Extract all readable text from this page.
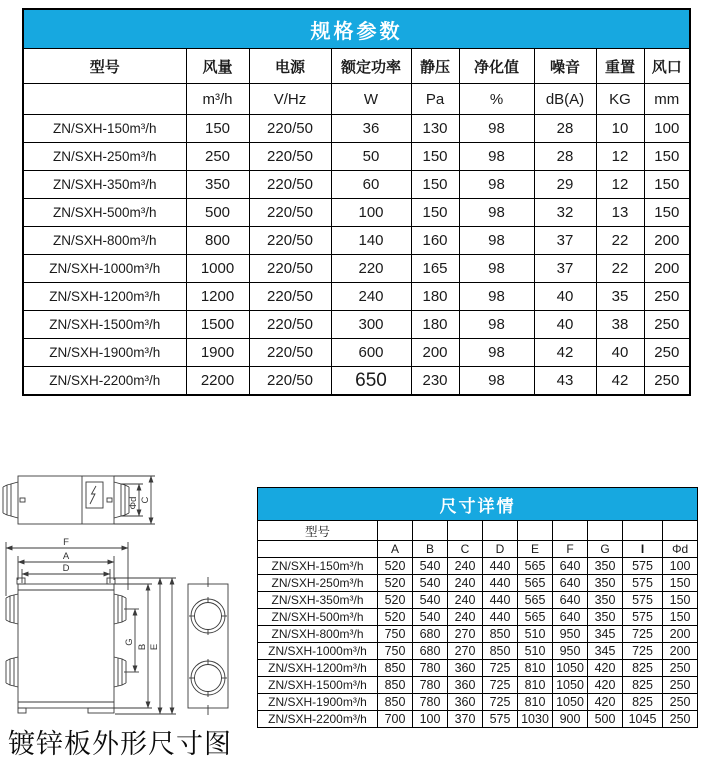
规格参数								
型号	风量	电源	额定功率	静压	净化值	噪音	重置	风口
	m³/h	V/Hz	W	Pa	%	dB(A)	KG	mm
ZN/SXH-150m³/h	150	220/50	36	130	98	28	10	100
ZN/SXH-250m³/h	250	220/50	50	150	98	28	12	150
ZN/SXH-350m³/h	350	220/50	60	150	98	29	12	150
ZN/SXH-500m³/h	500	220/50	100	150	98	32	13	150
ZN/SXH-800m³/h	800	220/50	140	160	98	37	22	200
ZN/SXH-1000m³/h	1000	220/50	220	165	98	37	22	200
ZN/SXH-1200m³/h	1200	220/50	240	180	98	40	35	250
ZN/SXH-1500m³/h	1500	220/50	300	180	98	40	38	250
ZN/SXH-1900m³/h	1900	220/50	600	200	98	42	40	250
ZN/SXH-2200m³/h	2200	220/50	650	230	98	43	42	250
Φd C
F
A
D
G
B E
镀锌板外形尺寸图
尺寸详情									
型号									
	A	B	C	D	E	F	G	I	Φd
ZN/SXH-150m³/h	520	540	240	440	565	640	350	575	100
ZN/SXH-250m³/h	520	540	240	440	565	640	350	575	150
ZN/SXH-350m³/h	520	540	240	440	565	640	350	575	150
ZN/SXH-500m³/h	520	540	240	440	565	640	350	575	150
ZN/SXH-800m³/h	750	680	270	850	510	950	345	725	200
ZN/SXH-1000m³/h	750	680	270	850	510	950	345	725	200
ZN/SXH-1200m³/h	850	780	360	725	810	1050	420	825	250
ZN/SXH-1500m³/h	850	780	360	725	810	1050	420	825	250
ZN/SXH-1900m³/h	850	780	360	725	810	1050	420	825	250
ZN/SXH-2200m³/h	700	100	370	575	1030	900	500	1045	250
